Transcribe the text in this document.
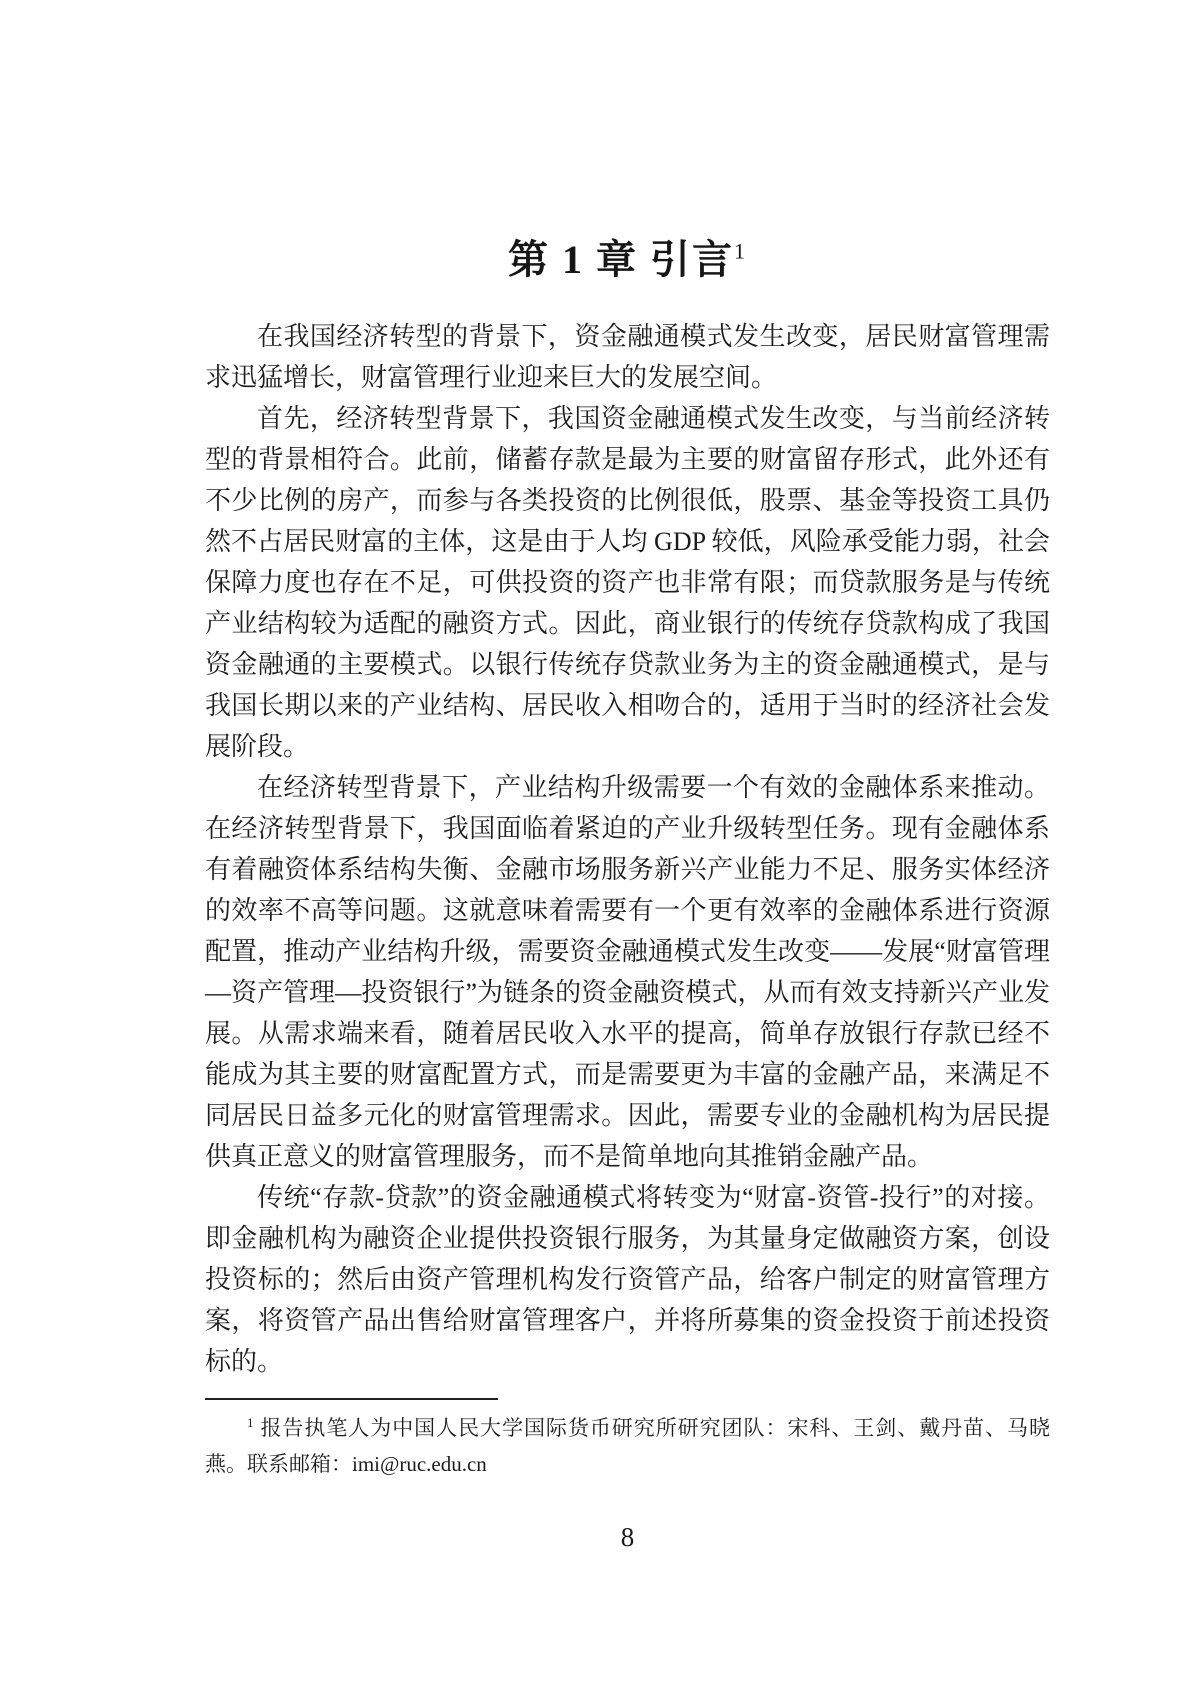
第 1 章 引言$^1$

在我国经济转型的背景下，资金融通模式发生改变，居民财富管理需求迅猛增长，财富管理行业迎来巨大的发展空间。

首先，经济转型背景下，我国资金融通模式发生改变，与当前经济转型的背景相符合。此前，储蓄存款是最为主要的财富留存形式，此外还有不少比例的房产，而参与各类投资的比例很低，股票、基金等投资工具仍然不占居民财富的主体，这是由于人均 GDP 较低，风险承受能力弱，社会保障力度也存在不足，可供投资的资产也非常有限；而贷款服务是与传统产业结构较为适配的融资方式。因此，商业银行的传统存贷款构成了我国资金融通的主要模式。以银行传统存贷款业务为主的资金融通模式，是与我国长期以来的产业结构、居民收入相吻合的，适用于当时的经济社会发展阶段。

在经济转型背景下，产业结构升级需要一个有效的金融体系来推动。在经济转型背景下，我国面临着紧迫的产业升级转型任务。现有金融体系有着融资体系结构失衡、金融市场服务新兴产业能力不足、服务实体经济的效率不高等问题。这就意味着需要有一个更有效率的金融体系进行资源配置，推动产业结构升级，需要资金融通模式发生改变——发展“财富管理—资产管理—投资银行”为链条的资金融资模式，从而有效支持新兴产业发展。从需求端来看，随着居民收入水平的提高，简单存放银行存款已经不能成为其主要的财富配置方式，而是需要更为丰富的金融产品，来满足不同居民日益多元化的财富管理需求。因此，需要专业的金融机构为居民提供真正意义的财富管理服务，而不是简单地向其推销金融产品。

传统“存款-贷款”的资金融通模式将转变为“财富-资管-投行”的对接。即金融机构为融资企业提供投资银行服务，为其量身定做融资方案，创设投资标的；然后由资产管理机构发行资管产品，给客户制定的财富管理方案，将资管产品出售给财富管理客户，并将所募集的资金投资于前述投资标的。

$^1$ 报告执笔人为中国人民大学国际货币研究所研究团队：宋科、王剑、戴丹苗、马晓燕。联系邮箱：imi@ruc.edu.cn

8
